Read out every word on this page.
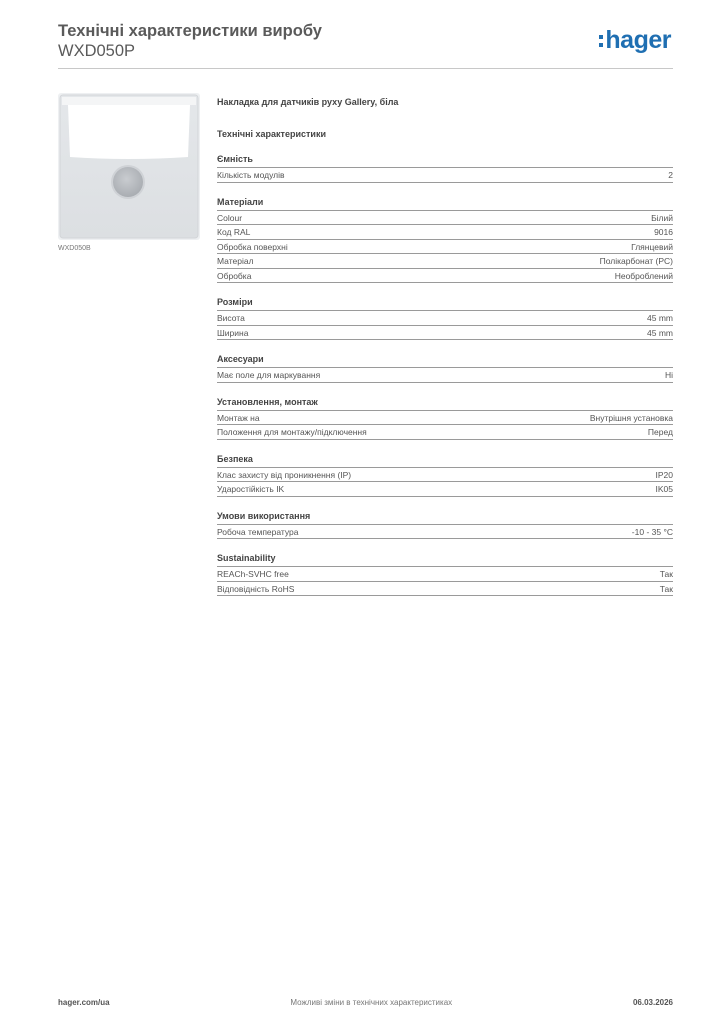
Технічні характеристики виробу
WXD050P	hager
WXD050B
Накладка для датчиків руху Gallery, біла
Технічні характеристики
Ємність
Кількість модулів	2
Матеріали
Colour	Білий
Код RAL	9016
Обробка поверхні	Глянцевий
Матеріал	Полікарбонат (PC)
Обробка	Необроблений
Розміри
Висота	45 mm
Ширина	45 mm
Аксесуари
Має поле для маркування	Ні
Установлення, монтаж
Монтаж на	Внутрішня установка
Положення для монтажу/підключення	Перед
Безпека
Клас захисту від проникнення (IP)	IP20
Ударостійкість IK	IK05
Умови використання
Робоча температура	-10 - 35 °C
Sustainability
REACh-SVHC free	Так
Відповідність RoHS	Так
hager.com/ua	Можливі зміни в технічних характеристиках	06.03.2026
